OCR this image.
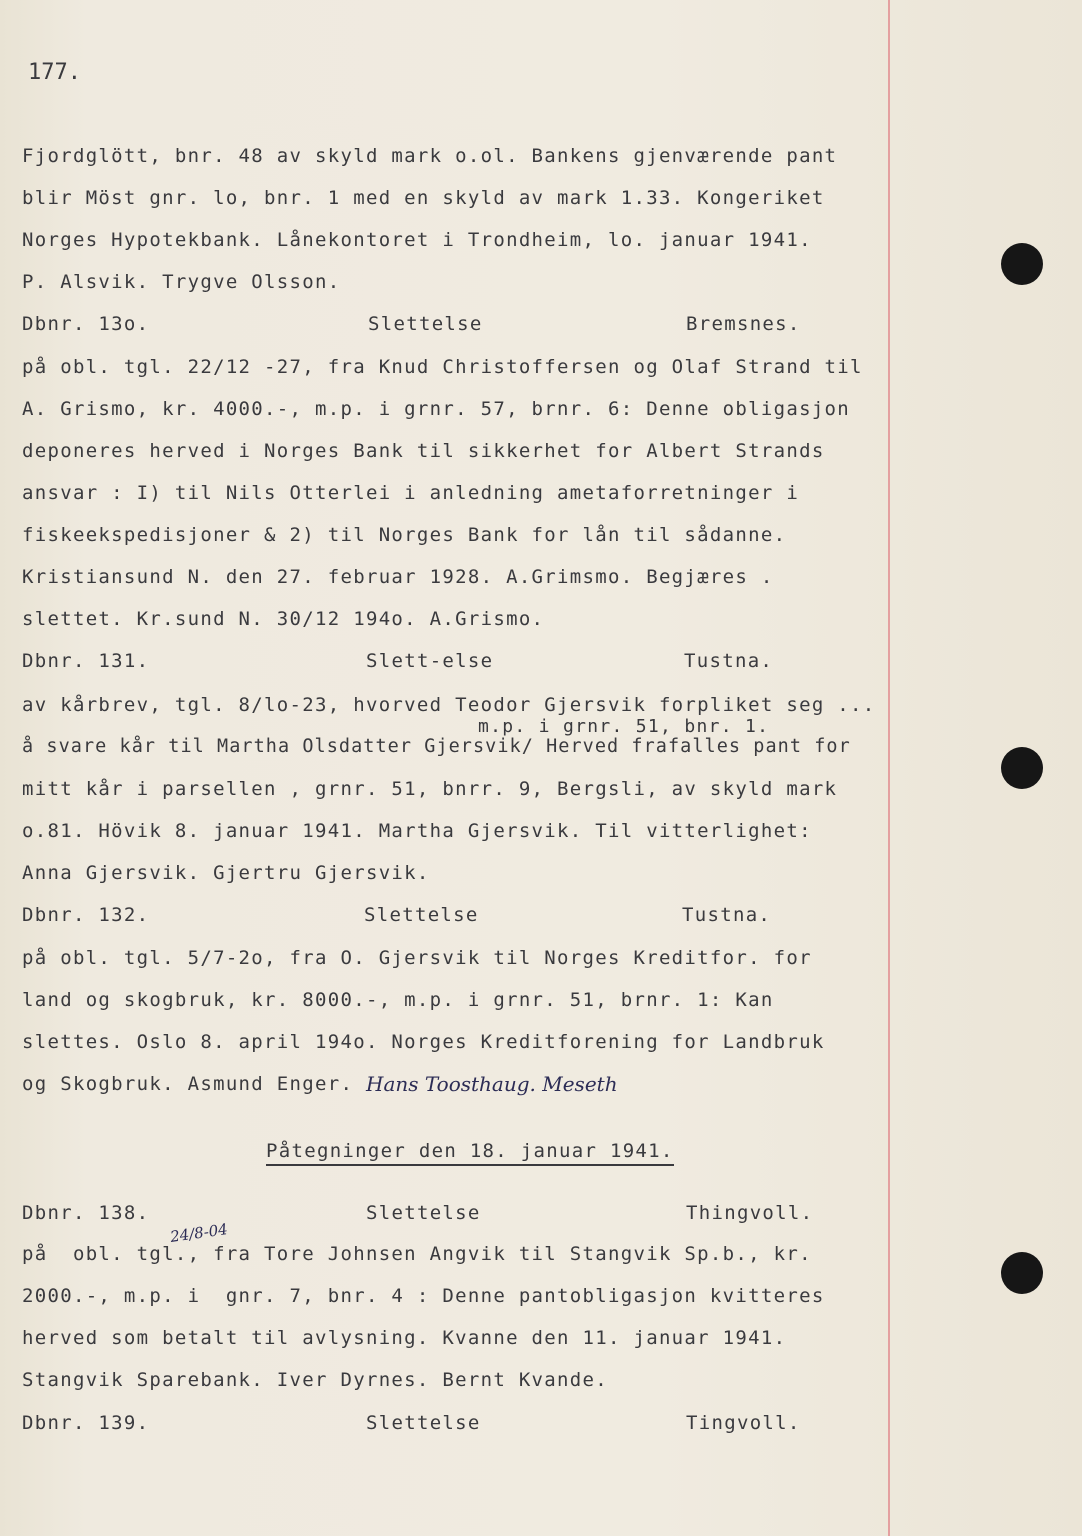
177.
Fjordglött, bnr. 48 av skyld mark o.ol. Bankens gjenværende pant
blir Möst gnr. lo, bnr. 1 med en skyld av mark 1.33. Kongeriket
Norges Hypotekbank. Lånekontoret i Trondheim, lo. januar 1941.
P. Alsvik. Trygve Olsson.
Dbnr. 13o.	Slettelse	Bremsnes.
på obl. tgl. 22/12 -27, fra Knud Christoffersen og Olaf Strand til
A. Grismo, kr. 4000.-, m.p. i grnr. 57, brnr. 6: Denne obligasjon
deponeres herved i Norges Bank til sikkerhet for Albert Strands
ansvar : I) til Nils Otterlei i anledning ametaforretninger i
fiskeekspedisjoner & 2) til Norges Bank for lån til sådanne.
Kristiansund N. den 27. februar 1928. A.Grimsmo. Begjæres .
slettet. Kr.sund N. 30/12 194o. A.Grismo.
Dbnr. 131.	Slett-else	Tustna.
av kårbrev, tgl. 8/lo-23, hvorved Teodor Gjersvik forpliket seg ...
m.p. i grnr. 51, bnr. 1.
å svare kår til Martha Olsdatter Gjersvik/ Herved frafalles pant for
mitt kår i parsellen , grnr. 51, bnrr. 9, Bergsli, av skyld mark
o.81. Hövik 8. januar 1941. Martha Gjersvik. Til vitterlighet:
Anna Gjersvik. Gjertru Gjersvik.
Dbnr. 132.	Slettelse	Tustna.
på obl. tgl. 5/7-2o, fra O. Gjersvik til Norges Kreditfor. for
land og skogbruk, kr. 8000.-, m.p. i grnr. 51, brnr. 1: Kan
slettes. Oslo 8. april 194o. Norges Kreditforening for Landbruk
og Skogbruk. Asmund Enger. Hans Toosthaug. Meseth
Påtegninger den 18. januar 1941.
Dbnr. 138.	Slettelse	Thingvoll.
24/8-04
på  obl. tgl., fra Tore Johnsen Angvik til Stangvik Sp.b., kr.
2000.-, m.p. i  gnr. 7, bnr. 4 : Denne pantobligasjon kvitteres
herved som betalt til avlysning. Kvanne den 11. januar 1941.
Stangvik Sparebank. Iver Dyrnes. Bernt Kvande.
Dbnr. 139.	Slettelse	Tingvoll.
